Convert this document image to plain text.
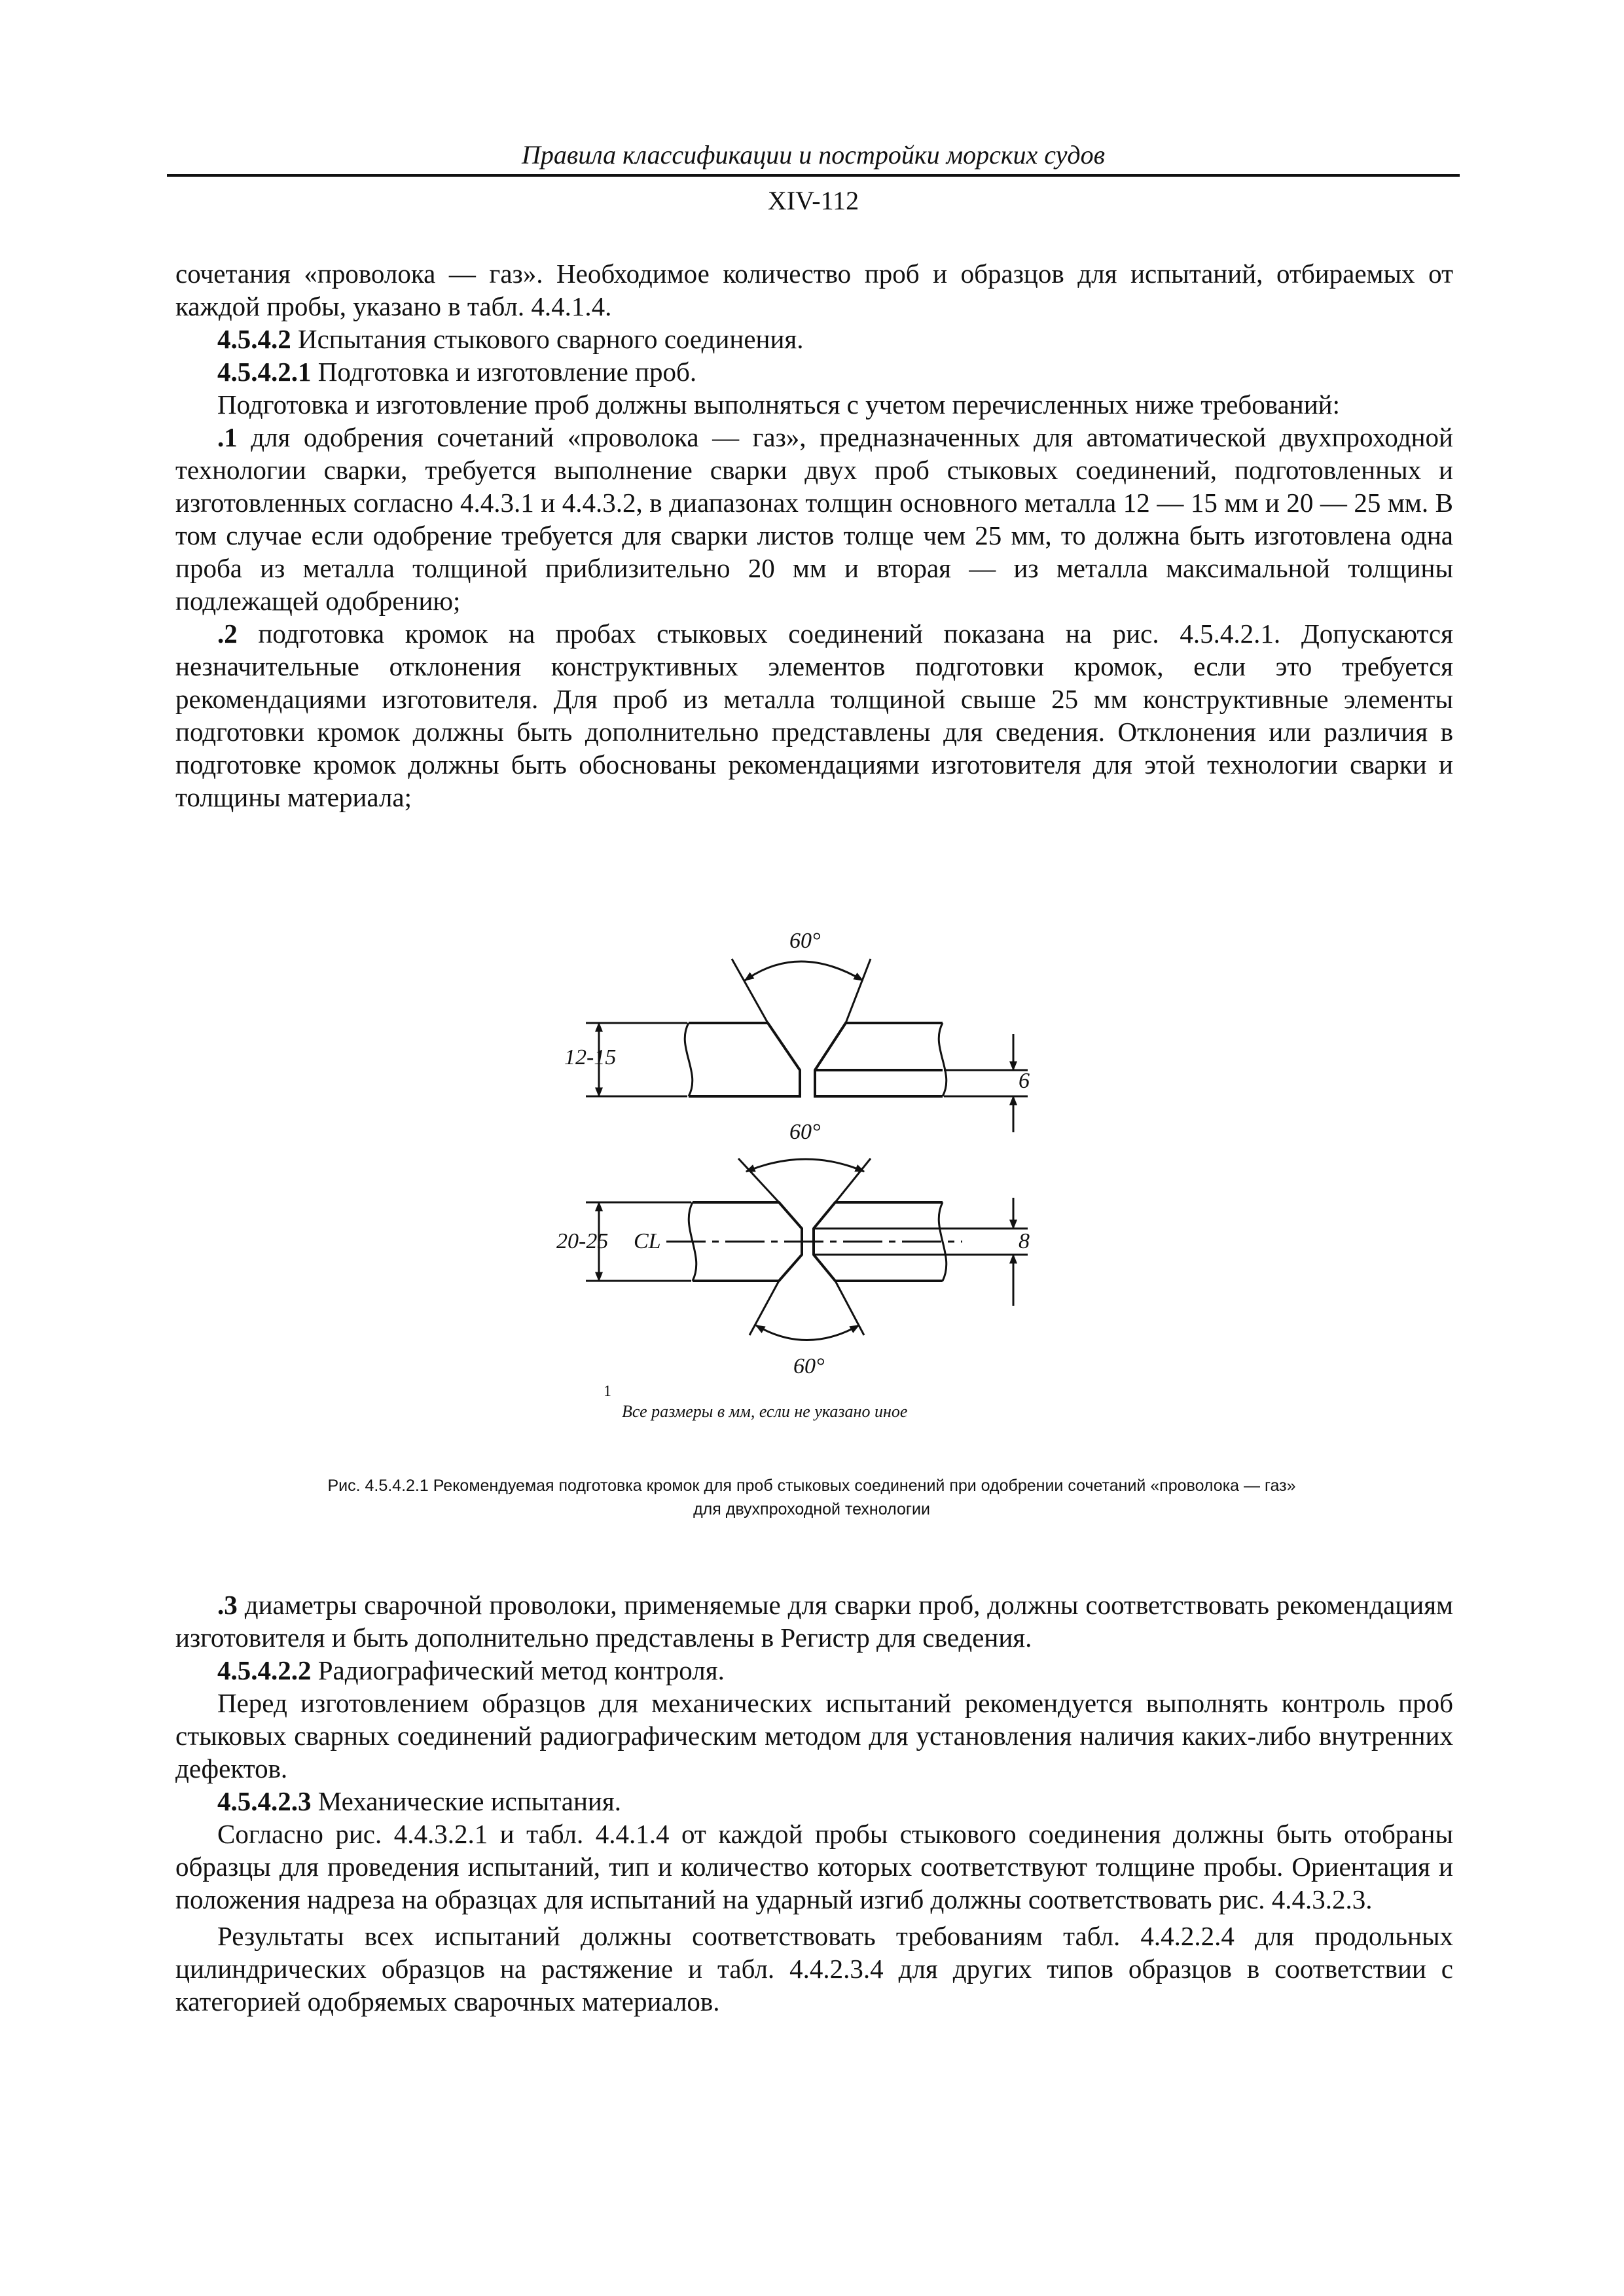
Правила классификации и постройки морских судов
XIV-112

сочетания «проволока — газ». Необходимое количество проб и образцов для испытаний, отбираемых от каждой пробы, указано в табл. 4.4.1.4.

4.5.4.2 Испытания стыкового сварного соединения.

4.5.4.2.1 Подготовка и изготовление проб.

Подготовка и изготовление проб должны выполняться с учетом перечисленных ниже требований:

.1 для одобрения сочетаний «проволока — газ», предназначенных для автоматической двухпроходной технологии сварки, требуется выполнение сварки двух проб стыковых соединений, подготовленных и изготовленных согласно 4.4.3.1 и 4.4.3.2, в диапазонах толщин основного металла 12 — 15 мм и 20 — 25 мм. В том случае если одобрение требуется для сварки листов толще чем 25 мм, то должна быть изготовлена одна проба из металла толщиной приблизительно 20 мм и вторая — из металла максимальной толщины подлежащей одобрению;

.2 подготовка кромок на пробах стыковых соединений показана на рис. 4.5.4.2.1. Допускаются незначительные отклонения конструктивных элементов подготовки кромок, если это требуется рекомендациями изготовителя. Для проб из металла толщиной свыше 25 мм конструктивные элементы подготовки кромок должны быть дополнительно представлены для сведения. Отклонения или различия в подготовке кромок должны быть обоснованы рекомендациями изготовителя для этой технологии сварки и толщины материала;

60°
12-15
6
60°
20-25 CL	8
60°
1
Все размеры в мм, если не указано иное
Рис. 4.5.4.2.1 Рекомендуемая подготовка кромок для проб стыковых соединений при одобрении сочетаний «проволока — газ»
для двухпроходной технологии

.3 диаметры сварочной проволоки, применяемые для сварки проб, должны соответствовать рекомендациям изготовителя и быть дополнительно представлены в Регистр для сведения.

4.5.4.2.2 Радиографический метод контроля.

Перед изготовлением образцов для механических испытаний рекомендуется выполнять контроль проб стыковых сварных соединений радиографическим методом для установления наличия каких-либо внутренних дефектов.

4.5.4.2.3 Механические испытания.

Согласно рис. 4.4.3.2.1 и табл. 4.4.1.4 от каждой пробы стыкового соединения должны быть отобраны образцы для проведения испытаний, тип и количество которых соответствуют толщине пробы. Ориентация и положения надреза на образцах для испытаний на ударный изгиб должны соответствовать рис. 4.4.3.2.3.

Результаты всех испытаний должны соответствовать требованиям табл. 4.4.2.2.4 для продольных цилиндрических образцов на растяжение и табл. 4.4.2.3.4 для других типов образцов в соответствии с категорией одобряемых сварочных материалов.
